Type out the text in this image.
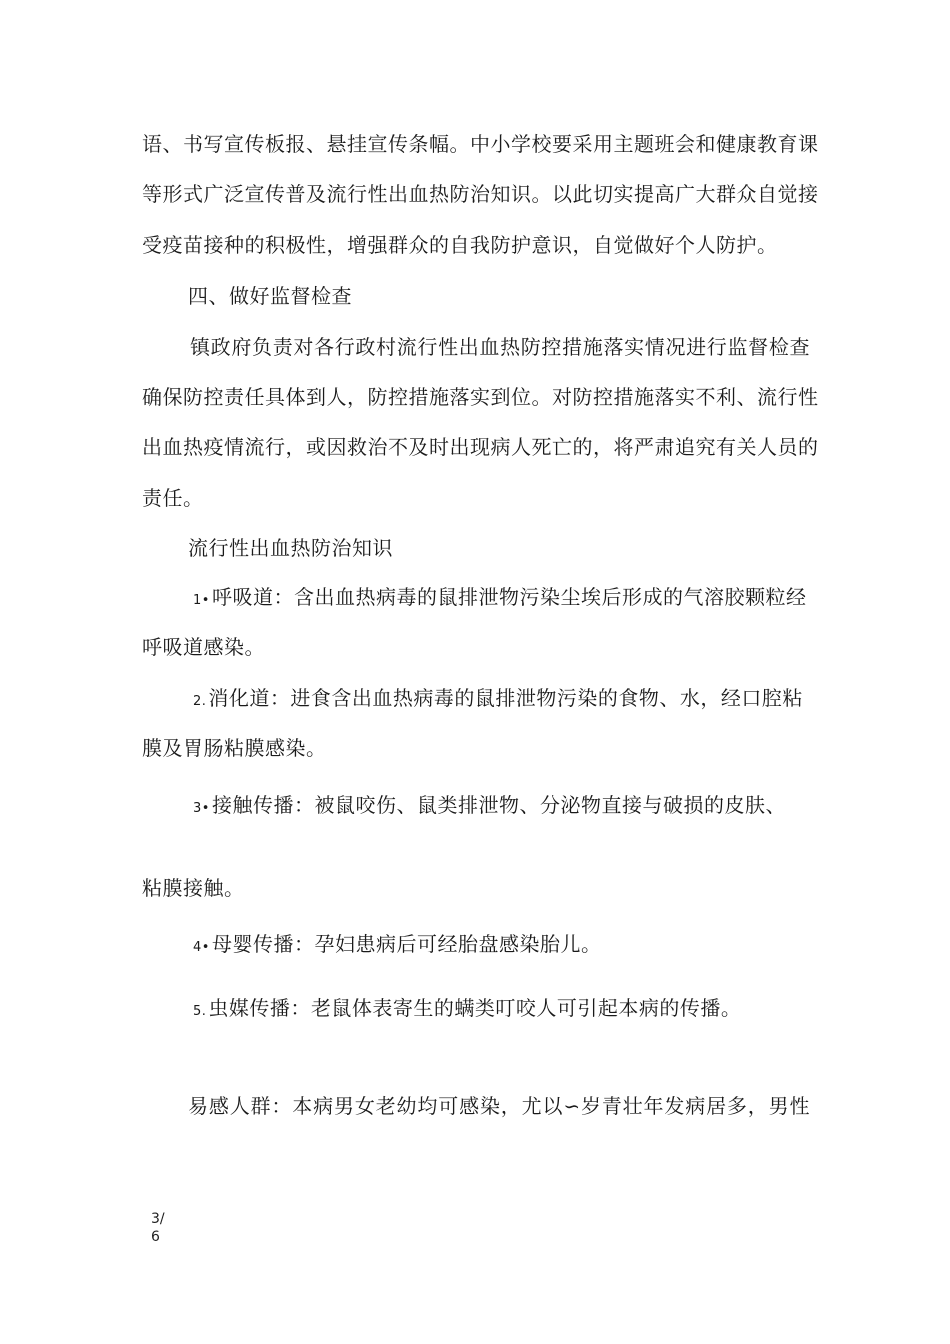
语、书写宣传板报、悬挂宣传条幅。中小学校要采用主题班会和健康教育课
等形式广泛宣传普及流行性出血热防治知识。以此切实提高广大群众自觉接
受疫苗接种的积极性，增强群众的自我防护意识，自觉做好个人防护。
四、做好监督检查
镇政府负责对各行政村流行性出血热防控措施落实情况进行监督检查
确保防控责任具体到人，防控措施落实到位。对防控措施落实不利、流行性
出血热疫情流行，或因救治不及时出现病人死亡的，将严肃追究有关人员的
责任。
流行性出血热防治知识
1• 呼吸道：含出血热病毒的鼠排泄物污染尘埃后形成的气溶胶颗粒经
呼吸道感染。
2. 消化道：进食含出血热病毒的鼠排泄物污染的食物、水，经口腔粘
膜及胃肠粘膜感染。
3• 接触传播：被鼠咬伤、鼠类排泄物、分泌物直接与破损的皮肤、
粘膜接触。
4• 母婴传播：孕妇患病后可经胎盘感染胎儿。
5. 虫媒传播：老鼠体表寄生的螨类叮咬人可引起本病的传播。
易感人群：本病男女老幼均可感染，尤以∽岁青壮年发病居多，男性
3/
6
